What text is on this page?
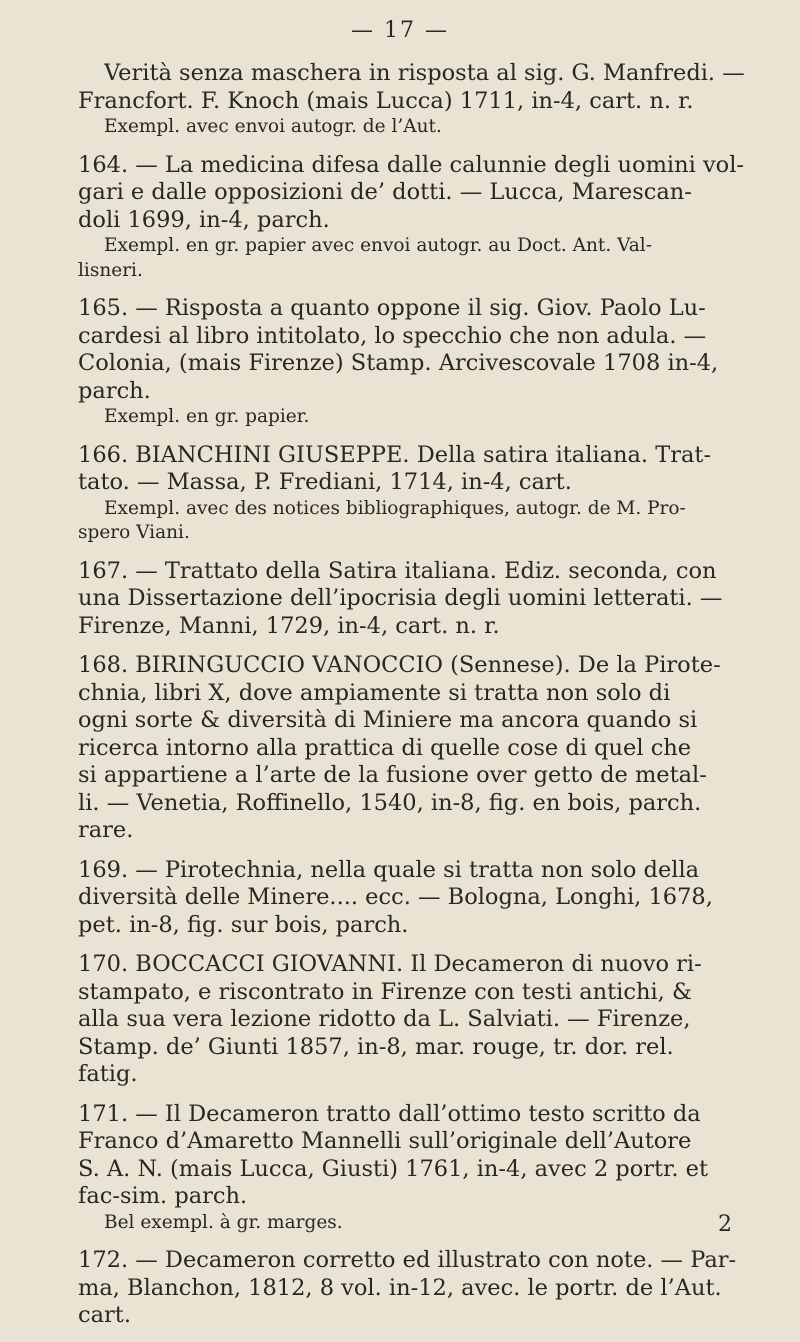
— 17 —
Verità senza maschera in risposta al sig. G. Manfredi. —
Francfort. F. Knoch (mais Lucca) 1711, in-4, cart. n. r.
Exempl. avec envoi autogr. de l’Aut.
164. — La medicina difesa dalle calunnie degli uomini vol-
gari e dalle opposizioni de’ dotti. — Lucca, Marescan-
doli 1699, in-4, parch.
Exempl. en gr. papier avec envoi autogr. au Doct. Ant. Val-
lisneri.
165. — Risposta a quanto oppone il sig. Giov. Paolo Lu-
cardesi al libro intitolato, lo specchio che non adula. —
Colonia, (mais Firenze) Stamp. Arcivescovale 1708 in-4,
parch.
Exempl. en gr. papier.
166. BIANCHINI GIUSEPPE. Della satira italiana. Trat-
tato. — Massa, P. Frediani, 1714, in-4, cart.
Exempl. avec des notices bibliographiques, autogr. de M. Pro-
spero Viani.
167. — Trattato della Satira italiana. Ediz. seconda, con
una Dissertazione dell’ipocrisia degli uomini letterati. —
Firenze, Manni, 1729, in-4, cart. n. r.
168. BIRINGUCCIO VANOCCIO (Sennese). De la Pirote-
chnia, libri X, dove ampiamente si tratta non solo di
ogni sorte & diversità di Miniere ma ancora quando si
ricerca intorno alla prattica di quelle cose di quel che
si appartiene a l’arte de la fusione over getto de metal-
li. — Venetia, Roffinello, 1540, in-8, fig. en bois, parch.
rare.
169. — Pirotechnia, nella quale si tratta non solo della
diversità delle Minere.... ecc. — Bologna, Longhi, 1678,
pet. in-8, fig. sur bois, parch.
170. BOCCACCI GIOVANNI. Il Decameron di nuovo ri-
stampato, e riscontrato in Firenze con testi antichi, &
alla sua vera lezione ridotto da L. Salviati. — Firenze,
Stamp. de’ Giunti 1857, in-8, mar. rouge, tr. dor. rel.
fatig.
171. — Il Decameron tratto dall’ottimo testo scritto da
Franco d’Amaretto Mannelli sull’originale dell’Autore
S. A. N. (mais Lucca, Giusti) 1761, in-4, avec 2 portr. et
fac-sim. parch.
Bel exempl. à gr. marges.
172. — Decameron corretto ed illustrato con note. — Par-
ma, Blanchon, 1812, 8 vol. in-12, avec. le portr. de l’Aut.
cart.
2
